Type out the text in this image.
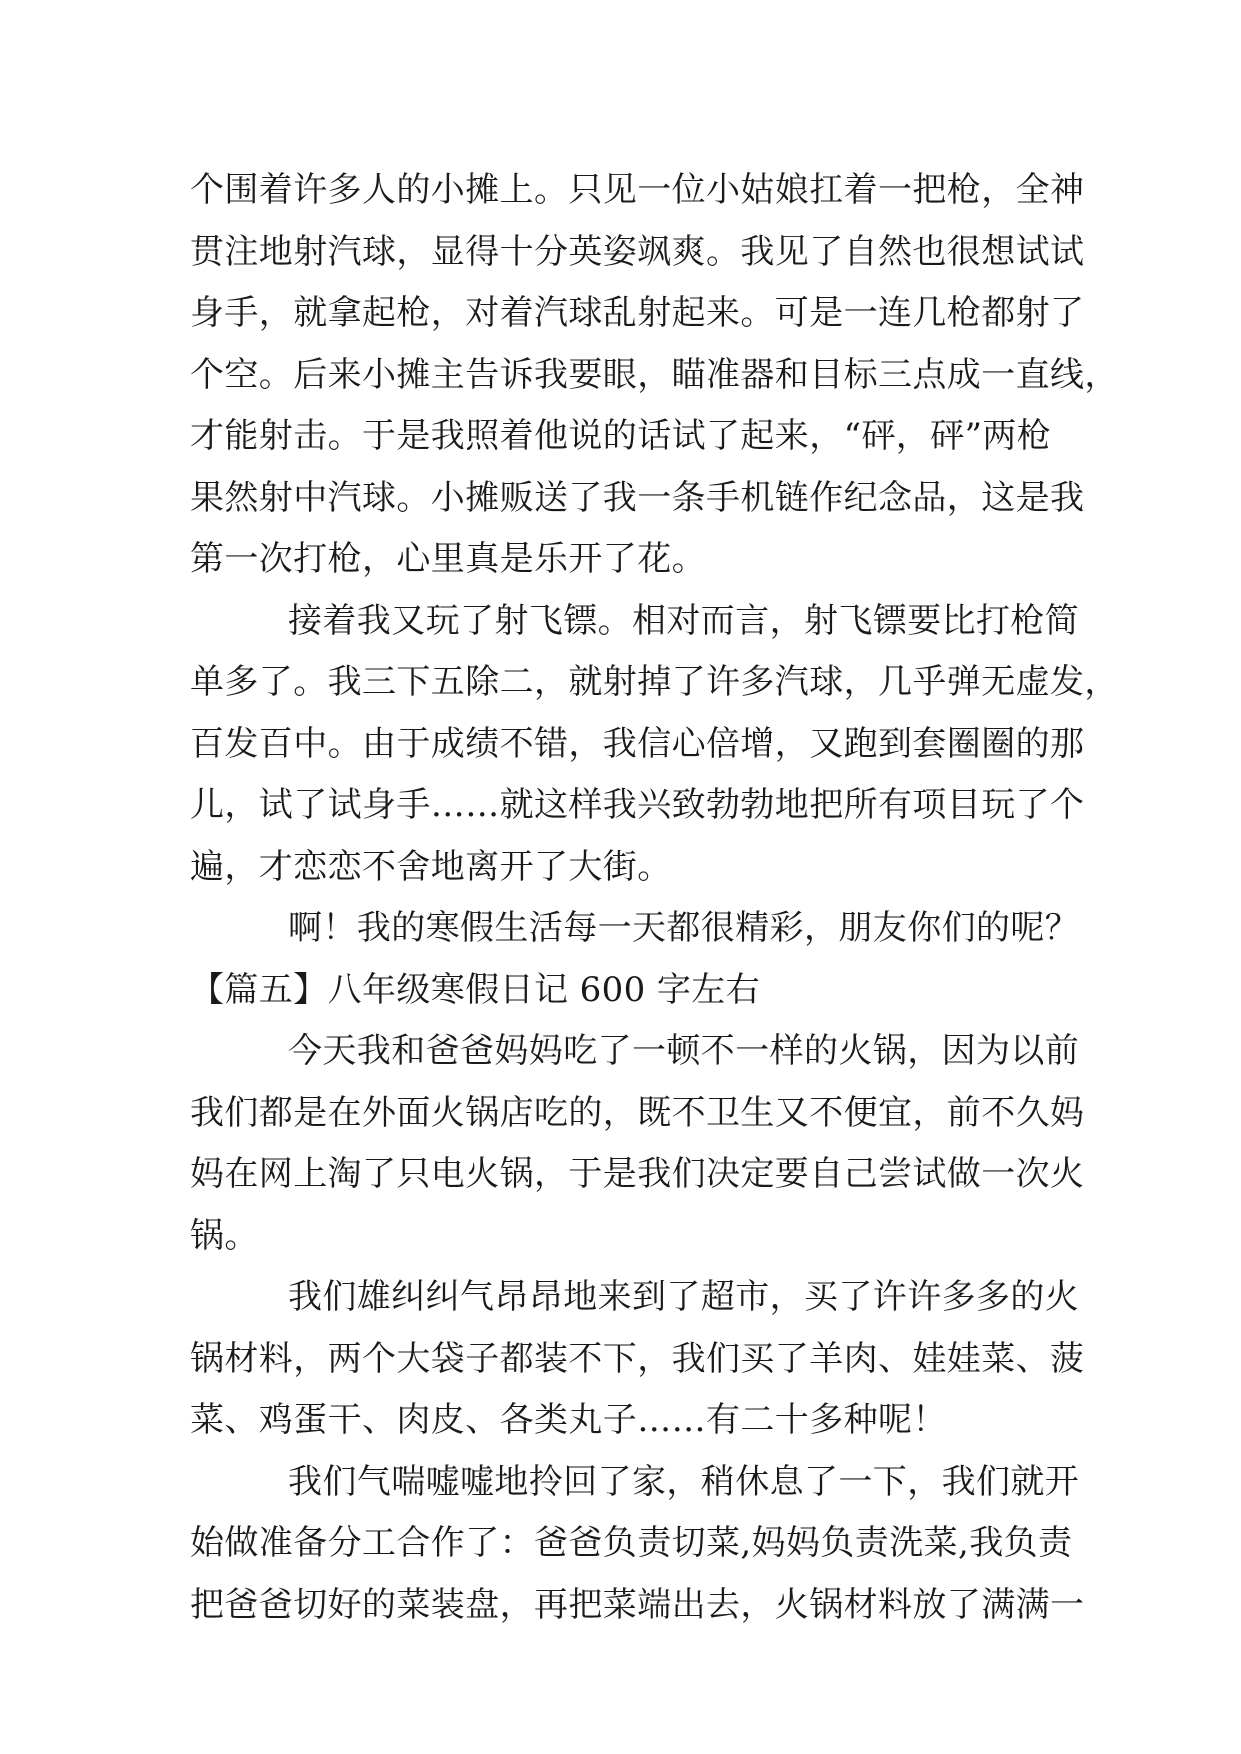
个围着许多人的小摊上。只见一位小姑娘扛着一把枪，全神
贯注地射汽球，显得十分英姿飒爽。我见了自然也很想试试
身手，就拿起枪，对着汽球乱射起来。可是一连几枪都射了
个空。后来小摊主告诉我要眼，瞄准器和目标三点成一直线，
才能射击。于是我照着他说的话试了起来，“砰，砰”两枪
果然射中汽球。小摊贩送了我一条手机链作纪念品，这是我
第一次打枪，心里真是乐开了花。
接着我又玩了射飞镖。相对而言，射飞镖要比打枪简
单多了。我三下五除二，就射掉了许多汽球，几乎弹无虚发，
百发百中。由于成绩不错，我信心倍增，又跑到套圈圈的那
儿，试了试身手……就这样我兴致勃勃地把所有项目玩了个
遍，才恋恋不舍地离开了大街。
啊！我的寒假生活每一天都很精彩，朋友你们的呢？
【篇五】八年级寒假日记 600 字左右
今天我和爸爸妈妈吃了一顿不一样的火锅，因为以前
我们都是在外面火锅店吃的，既不卫生又不便宜，前不久妈
妈在网上淘了只电火锅，于是我们决定要自己尝试做一次火
锅。
我们雄纠纠气昂昂地来到了超市，买了许许多多的火
锅材料，两个大袋子都装不下，我们买了羊肉、娃娃菜、菠
菜、鸡蛋干、肉皮、各类丸子……有二十多种呢！
我们气喘嘘嘘地拎回了家，稍休息了一下，我们就开
始做准备分工合作了：爸爸负责切菜,妈妈负责洗菜,我负责
把爸爸切好的菜装盘，再把菜端出去，火锅材料放了满满一
